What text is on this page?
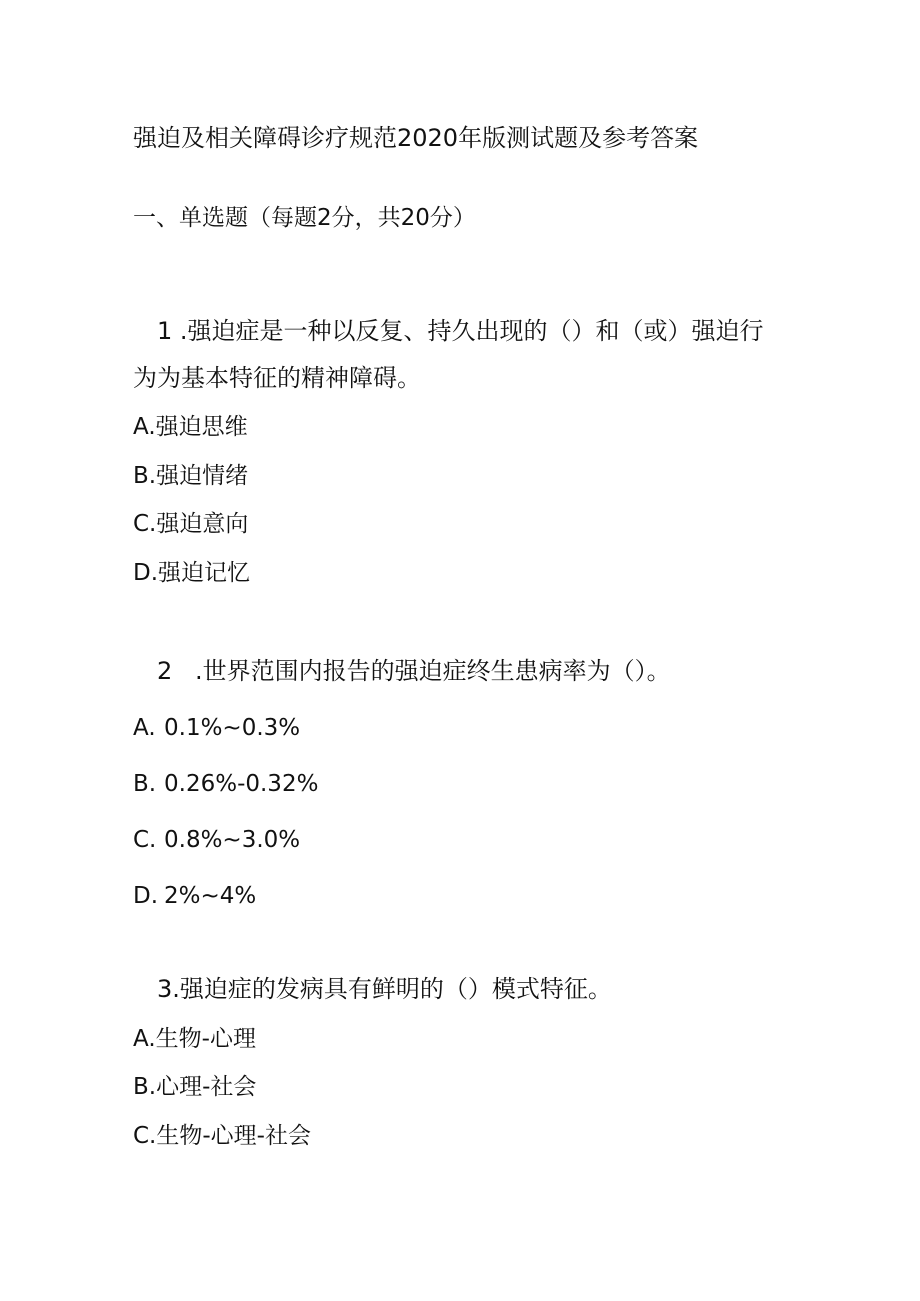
强迫及相关障碍诊疗规范2020年版测试题及参考答案
一、单选题（每题2分，共20分）
1 .强迫症是一种以反复、持久出现的（）和（或）强迫行
为为基本特征的精神障碍。
A.强迫思维
B.强迫情绪
C.强迫意向
D.强迫记忆
2 .世界范围内报告的强迫症终生患病率为（）。
A. 0.1%~0.3%
B. 0.26%-0.32%
C. 0.8%~3.0%
D. 2%~4%
3.强迫症的发病具有鲜明的（）模式特征。
A.生物-心理
B.心理-社会
C.生物-心理-社会
